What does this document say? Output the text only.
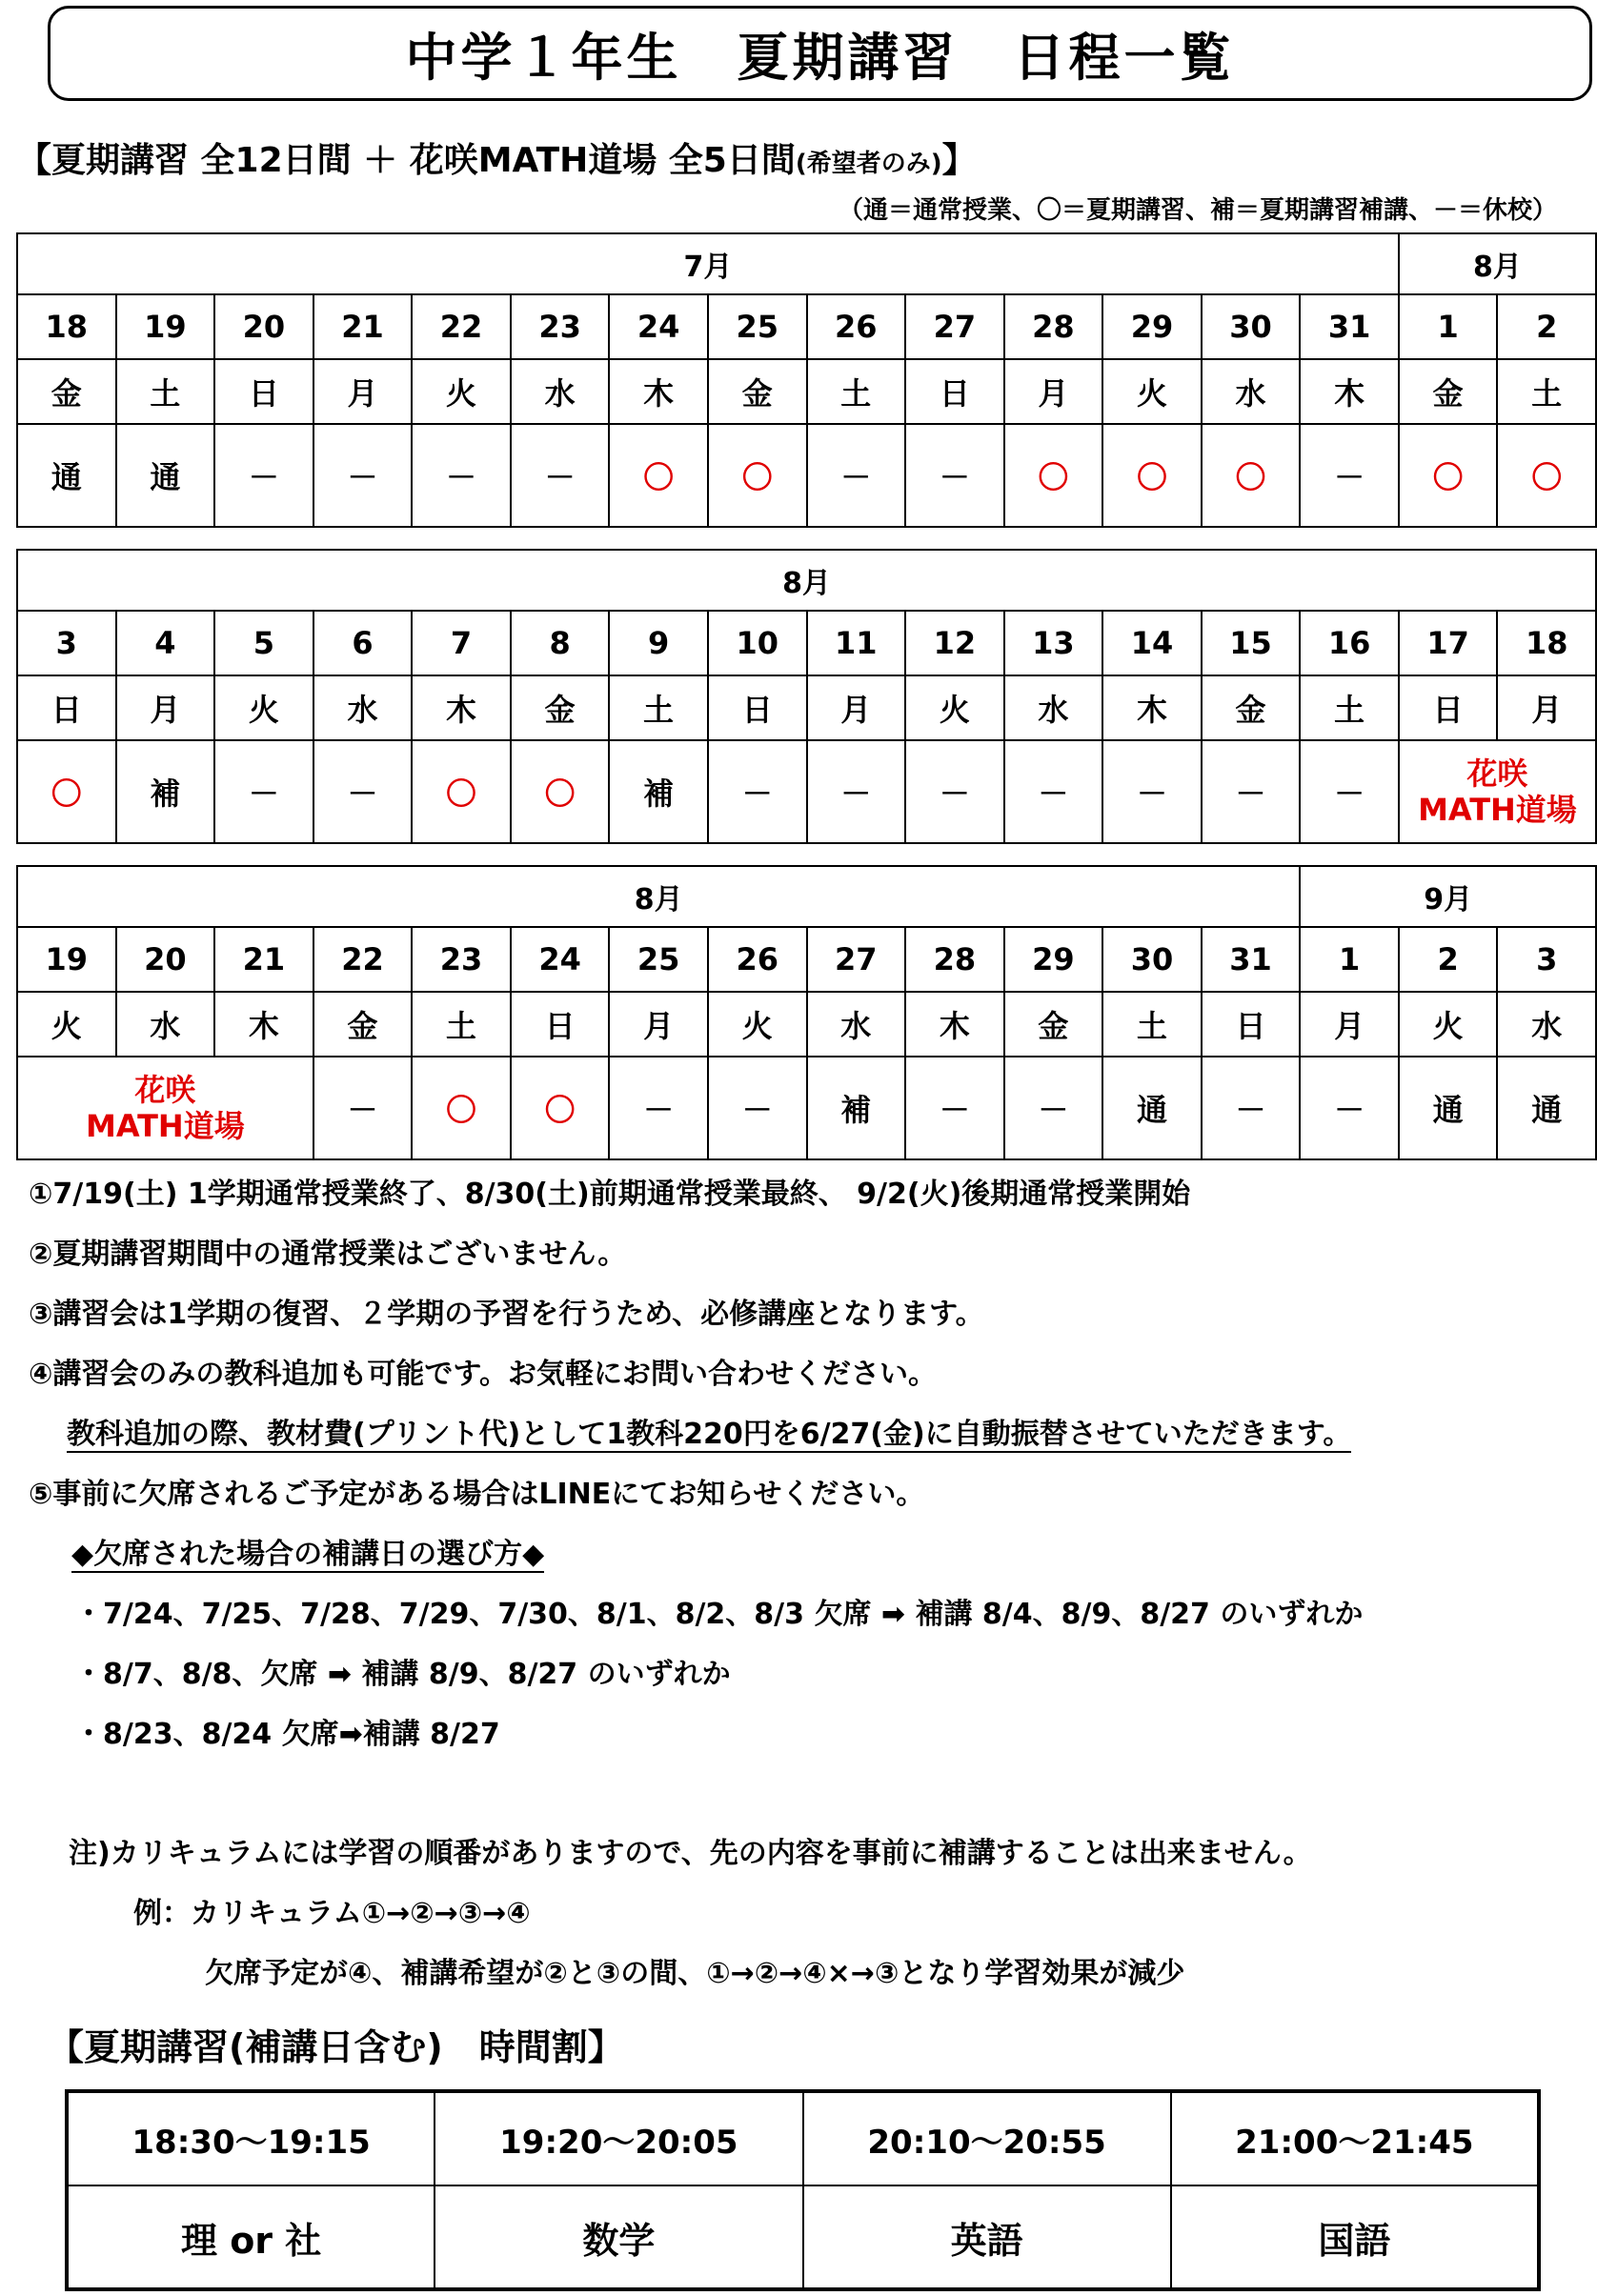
中学１年生　夏期講習　日程一覧
【夏期講習 全12日間 ＋ 花咲MATH道場 全5日間(希望者のみ)】
（通＝通常授業、〇＝夏期講習、補＝夏期講習補講、－＝休校）
7月														8月	
18	19	20	21	22	23	24	25	26	27	28	29	30	31	1	2
金	土	日	月	火	水	木	金	土	日	月	火	水	木	金	土
通	通	－	－	－	－	〇	〇	－	－	〇	〇	〇	－	〇	〇
8月															
3	4	5	6	7	8	9	10	11	12	13	14	15	16	17	18
日	月	火	水	木	金	土	日	月	火	水	木	金	土	日	月
〇	補	－	－	〇	〇	補	－	－	－	－	－	－	－	花咲
MATH道場	
8月													9月		
19	20	21	22	23	24	25	26	27	28	29	30	31	1	2	3
火	水	木	金	土	日	月	火	水	木	金	土	日	月	火	水
花咲
MATH道場			－	〇	〇	－	－	補	－	－	通	－	－	通	通
①7/19(土) 1学期通常授業終了、8/30(土)前期通常授業最終、 9/2(火)後期通常授業開始
②夏期講習期間中の通常授業はございません。
③講習会は1学期の復習、２学期の予習を行うため、必修講座となります。
④講習会のみの教科追加も可能です。お気軽にお問い合わせください。
教科追加の際、教材費(プリント代)として1教科220円を6/27(金)に自動振替させていただきます。
⑤事前に欠席されるご予定がある場合はLINEにてお知らせください。
◆欠席された場合の補講日の選び方◆
・7/24、7/25、7/28、7/29、7/30、8/1、8/2、8/3 欠席 ➡ 補講 8/4、8/9、8/27 のいずれか
・8/7、8/8、欠席 ➡ 補講 8/9、8/27 のいずれか
・8/23、8/24 欠席➡補講 8/27
注)カリキュラムには学習の順番がありますので、先の内容を事前に補講することは出来ません。
例：カリキュラム①→②→③→④
欠席予定が④、補講希望が②と③の間、①→②→④×→③となり学習効果が減少
【夏期講習(補講日含む)　時間割】
18:30～19:15	19:20～20:05	20:10～20:55	21:00～21:45
理 or 社	数学	英語	国語
